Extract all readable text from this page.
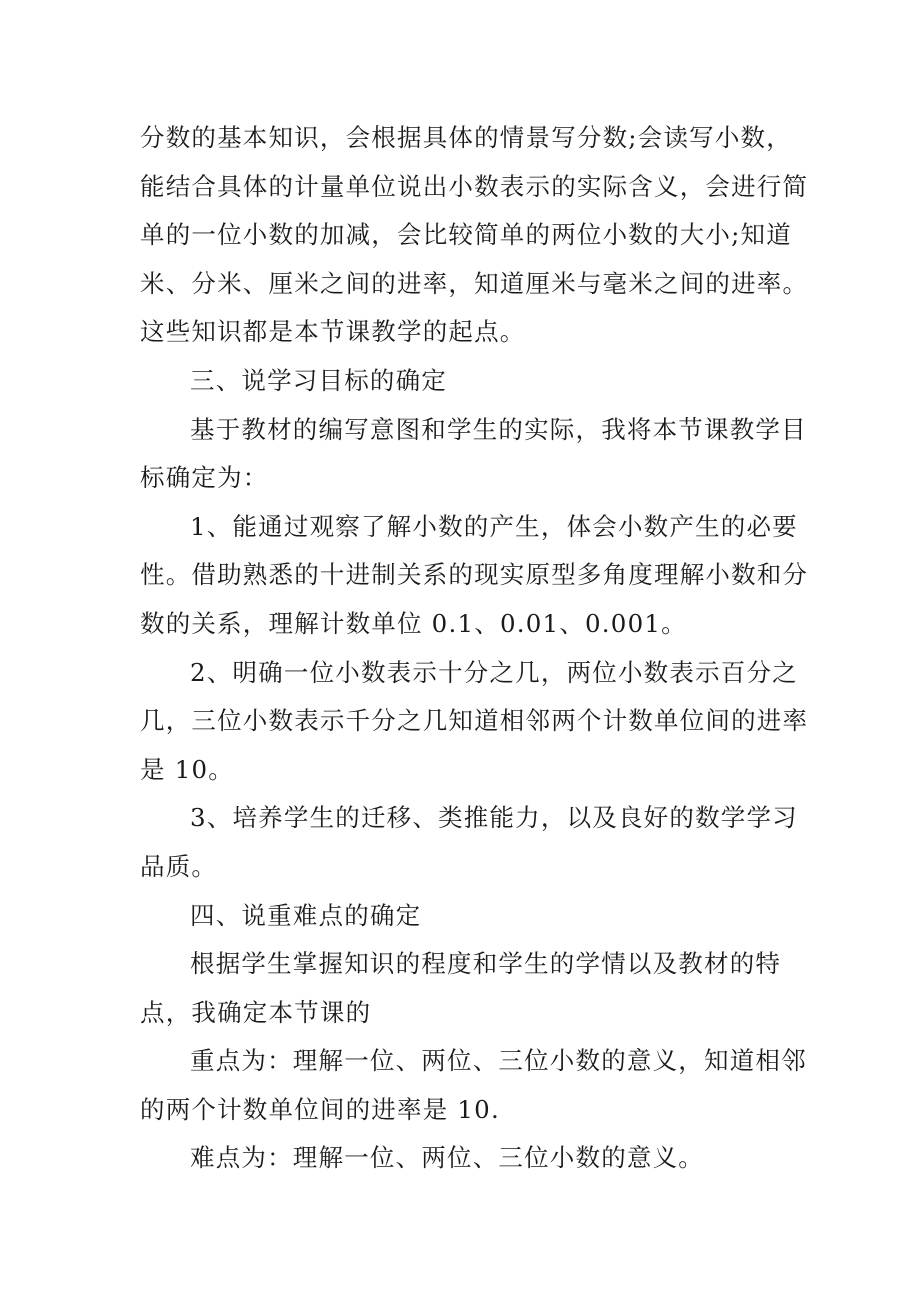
分数的基本知识，会根据具体的情景写分数;会读写小数，
能结合具体的计量单位说出小数表示的实际含义，会进行简
单的一位小数的加减，会比较简单的两位小数的大小;知道
米、分米、厘米之间的进率，知道厘米与毫米之间的进率。
这些知识都是本节课教学的起点。
三、说学习目标的确定
基于教材的编写意图和学生的实际，我将本节课教学目
标确定为：
1、能通过观察了解小数的产生，体会小数产生的必要
性。借助熟悉的十进制关系的现实原型多角度理解小数和分
数的关系，理解计数单位 0.1、0.01、0.001。
2、明确一位小数表示十分之几，两位小数表示百分之
几，三位小数表示千分之几知道相邻两个计数单位间的进率
是 10。
3、培养学生的迁移、类推能力，以及良好的数学学习
品质。
四、说重难点的确定
根据学生掌握知识的程度和学生的学情以及教材的特
点，我确定本节课的
重点为：理解一位、两位、三位小数的意义，知道相邻
的两个计数单位间的进率是 10.
难点为：理解一位、两位、三位小数的意义。
